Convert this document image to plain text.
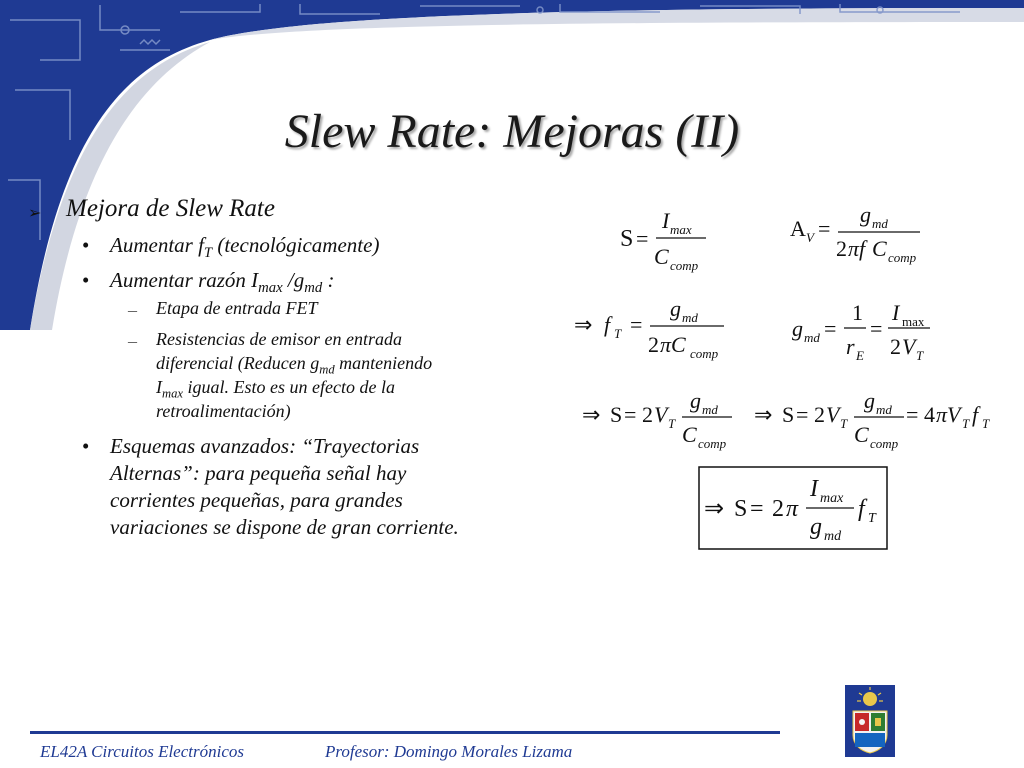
Slew Rate: Mejoras (II)
➢ Mejora de Slew Rate
• Aumentar $f_T$ (tecnológicamente)
• Aumentar razón $I_{max}$ $/g_{md}$ :
– Etapa de entrada FET
– Resistencias de emisor en entrada
diferencial (Reducen $g_{md}$ manteniendo
$I_{max}$ igual. Esto es un efecto de la
retroalimentación)
• Esquemas avanzados: “Trayectorias
Alternas”: para pequeña señal hay
corrientes pequeñas, para grandes
variaciones se dispone de gran corriente.
S =
I max
C comp
A V =
g md
2 πf C comp
⇒ f T =
g md
2 πC comp
g md =
1
r E
=
I max
2 V T
⇒ S = 2 V T
g md
C comp
⇒ S = 2 V T
g md
C comp
= 4 πV T f T
⇒ S = 2 π
I max
g md
f T
EL42A Circuitos Electrónicos	Profesor: Domingo Morales Lizama
